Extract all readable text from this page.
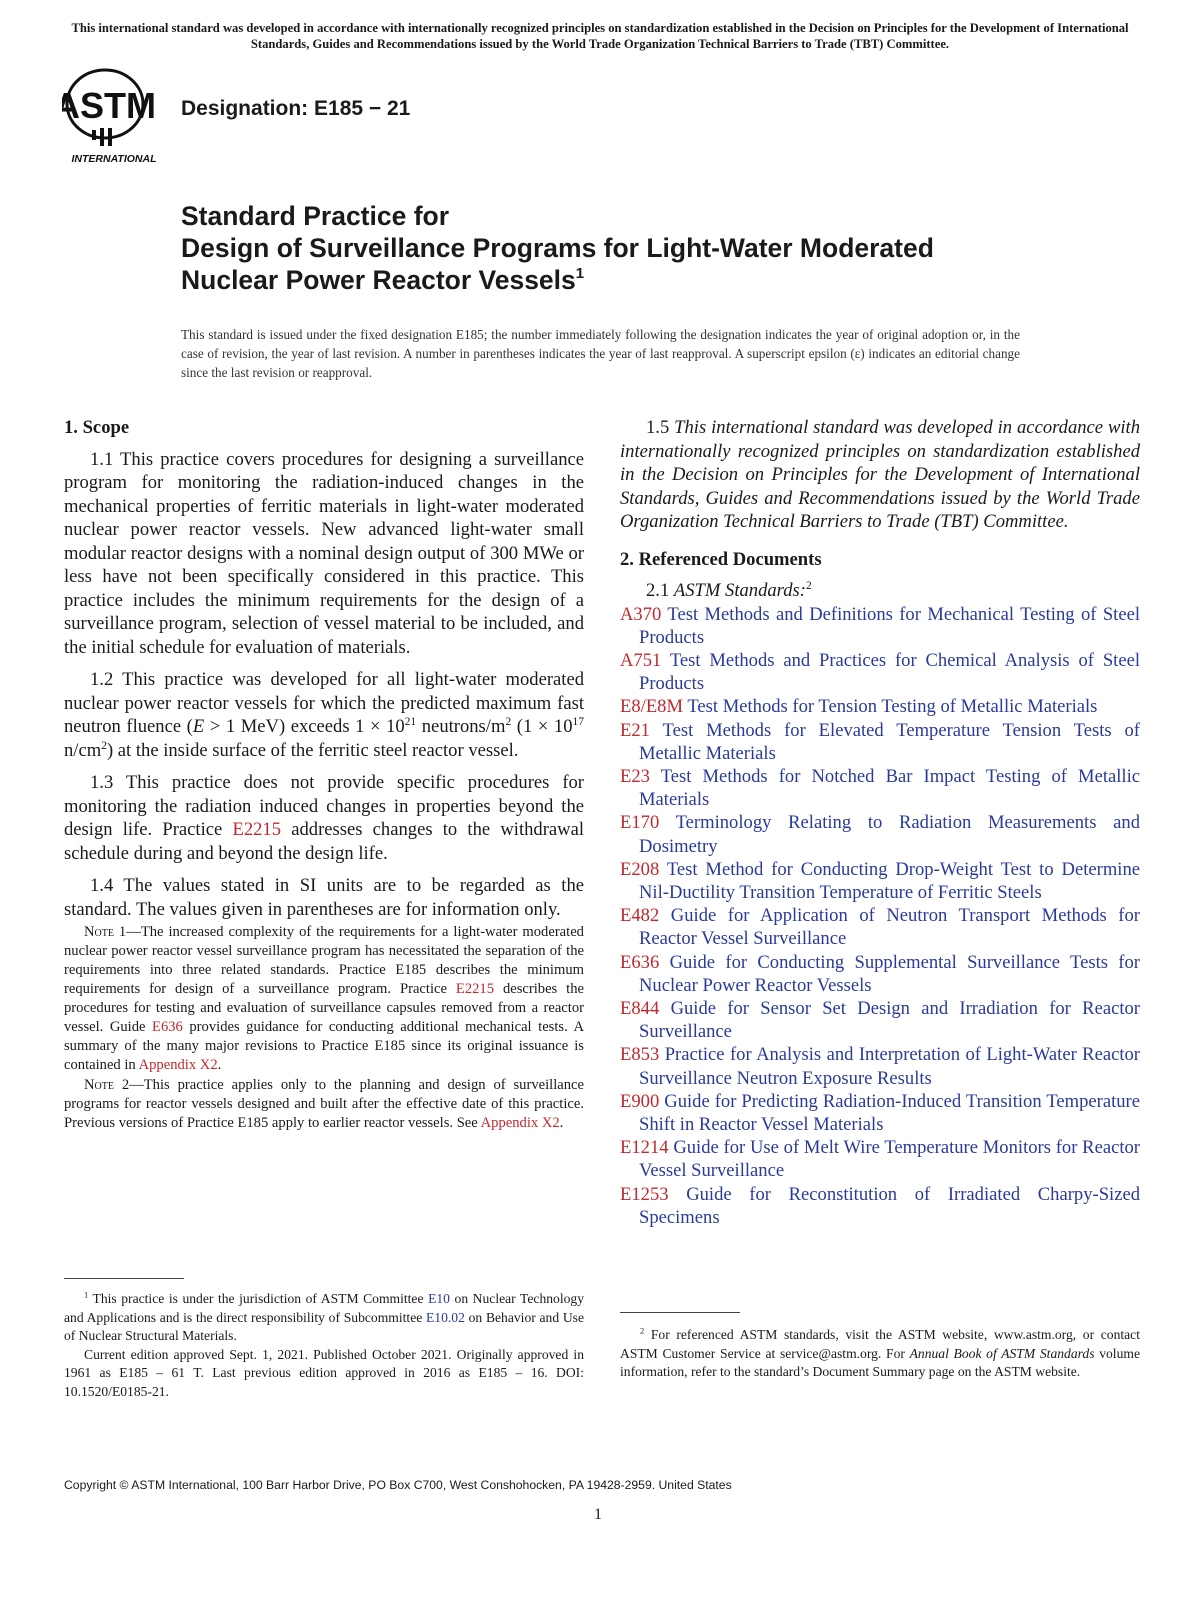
This international standard was developed in accordance with internationally recognized principles on standardization established in the Decision on Principles for the Development of International Standards, Guides and Recommendations issued by the World Trade Organization Technical Barriers to Trade (TBT) Committee.
ASTM
INTERNATIONAL
Designation: E185 − 21
Standard Practice for
Design of Surveillance Programs for Light-Water Moderated
Nuclear Power Reactor Vessels$^1$
This standard is issued under the fixed designation E185; the number immediately following the designation indicates the year of original adoption or, in the case of revision, the year of last revision. A number in parentheses indicates the year of last reapproval. A superscript epsilon (ε) indicates an editorial change since the last revision or reapproval.
1. Scope

1.1 This practice covers procedures for designing a surveillance program for monitoring the radiation-induced changes in the mechanical properties of ferritic materials in light-water moderated nuclear power reactor vessels. New advanced light-water small modular reactor designs with a nominal design output of 300 MWe or less have not been specifically considered in this practice. This practice includes the minimum requirements for the design of a surveillance program, selection of vessel material to be included, and the initial schedule for evaluation of materials.

1.2 This practice was developed for all light-water moderated nuclear power reactor vessels for which the predicted maximum fast neutron fluence (E > 1 MeV) exceeds $1 \times 10^{21}$ neutrons/$m^2$ ($1 \times 10^{17}$ $n/cm^2$) at the inside surface of the ferritic steel reactor vessel.

1.3 This practice does not provide specific procedures for monitoring the radiation induced changes in properties beyond the design life. Practice E2215 addresses changes to the withdrawal schedule during and beyond the design life.

1.4 The values stated in SI units are to be regarded as the standard. The values given in parentheses are for information only.

Note 1—The increased complexity of the requirements for a light-water moderated nuclear power reactor vessel surveillance program has necessitated the separation of the requirements into three related standards. Practice E185 describes the minimum requirements for design of a surveillance program. Practice E2215 describes the procedures for testing and evaluation of surveillance capsules removed from a reactor vessel. Guide E636 provides guidance for conducting additional mechanical tests. A summary of the many major revisions to Practice E185 since its original issuance is contained in Appendix X2.

Note 2—This practice applies only to the planning and design of surveillance programs for reactor vessels designed and built after the effective date of this practice. Previous versions of Practice E185 apply to earlier reactor vessels. See Appendix X2.

1.5 This international standard was developed in accordance with internationally recognized principles on standardization established in the Decision on Principles for the Development of International Standards, Guides and Recommendations issued by the World Trade Organization Technical Barriers to Trade (TBT) Committee.

2. Referenced Documents

2.1 ASTM Standards:$^2$

A370 Test Methods and Definitions for Mechanical Testing of Steel Products

A751 Test Methods and Practices for Chemical Analysis of Steel Products

E8/E8M Test Methods for Tension Testing of Metallic Materials

E21 Test Methods for Elevated Temperature Tension Tests of Metallic Materials

E23 Test Methods for Notched Bar Impact Testing of Metallic Materials

E170 Terminology Relating to Radiation Measurements and Dosimetry

E208 Test Method for Conducting Drop-Weight Test to Determine Nil-Ductility Transition Temperature of Ferritic Steels

E482 Guide for Application of Neutron Transport Methods for Reactor Vessel Surveillance

E636 Guide for Conducting Supplemental Surveillance Tests for Nuclear Power Reactor Vessels

E844 Guide for Sensor Set Design and Irradiation for Reactor Surveillance

E853 Practice for Analysis and Interpretation of Light-Water Reactor Surveillance Neutron Exposure Results

E900 Guide for Predicting Radiation-Induced Transition Temperature Shift in Reactor Vessel Materials

E1214 Guide for Use of Melt Wire Temperature Monitors for Reactor Vessel Surveillance

E1253 Guide for Reconstitution of Irradiated Charpy-Sized Specimens

$^1$ This practice is under the jurisdiction of ASTM Committee E10 on Nuclear Technology and Applications and is the direct responsibility of Subcommittee E10.02 on Behavior and Use of Nuclear Structural Materials.

Current edition approved Sept. 1, 2021. Published October 2021. Originally approved in 1961 as E185 – 61 T. Last previous edition approved in 2016 as E185 – 16. DOI: 10.1520/E0185-21.

$^2$ For referenced ASTM standards, visit the ASTM website, www.astm.org, or contact ASTM Customer Service at service@astm.org. For Annual Book of ASTM Standards volume information, refer to the standard’s Document Summary page on the ASTM website.

Copyright © ASTM International, 100 Barr Harbor Drive, PO Box C700, West Conshohocken, PA 19428-2959. United States
1
